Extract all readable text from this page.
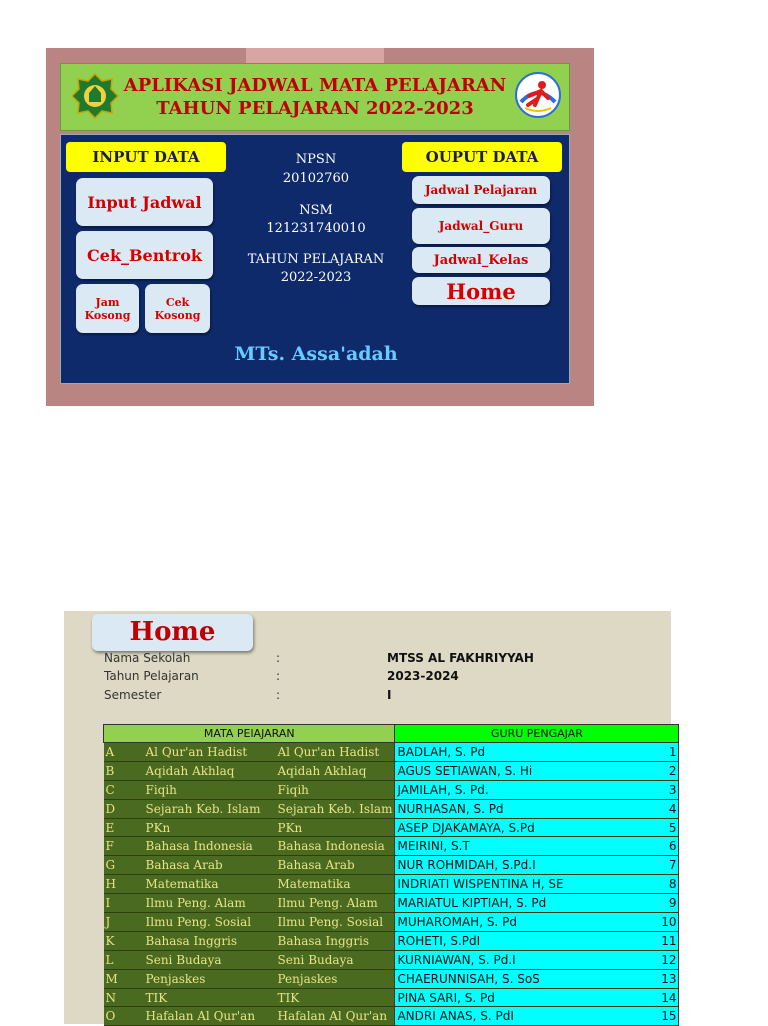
APLIKASI JADWAL MATA PELAJARAN
TAHUN PELAJARAN 2022-2023
INPUT DATA	OUPUT DATA
Input Jadwal
Cek_Bentrok
Jam Kosong
Cek Kosong
NPSN
20102760
NSM
121231740010
TAHUN PELAJARAN
2022-2023
Jadwal Pelajaran
Jadwal_Guru
Jadwal_Kelas
Home
MTs. Assa'adah
Home
Nama Sekolah	:	MTSS AL FAKHRIYYAH
Tahun Pelajaran	:	2023-2024
Semester	:	I
MATA PElAJARAN			GURU PENGAJAR	
A	Al Qur'an Hadist	Al Qur'an Hadist	BADLAH, S. Pd	1
B	Aqidah Akhlaq	Aqidah Akhlaq	AGUS SETIAWAN, S. Hi	2
C	Fiqih	Fiqih	JAMILAH, S. Pd.	3
D	Sejarah Keb. Islam	Sejarah Keb. Islam	NURHASAN, S. Pd	4
E	PKn	PKn	ASEP DJAKAMAYA, S.Pd	5
F	Bahasa Indonesia	Bahasa Indonesia	MEIRINI, S.T	6
G	Bahasa Arab	Bahasa Arab	NUR ROHMIDAH, S.Pd.I	7
H	Matematika	Matematika	INDRIATI WISPENTINA H, SE	8
I	Ilmu Peng. Alam	Ilmu Peng. Alam	MARIATUL KIPTIAH, S. Pd	9
J	Ilmu Peng. Sosial	Ilmu Peng. Sosial	MUHAROMAH, S. Pd	10
K	Bahasa Inggris	Bahasa Inggris	ROHETI, S.PdI	11
L	Seni Budaya	Seni Budaya	KURNIAWAN, S. Pd.I	12
M	Penjaskes	Penjaskes	CHAERUNNISAH, S. SoS	13
N	TIK	TIK	PINA SARI, S. Pd	14
O	Hafalan Al Qur'an	Hafalan Al Qur'an	ANDRI ANAS, S. PdI	15
